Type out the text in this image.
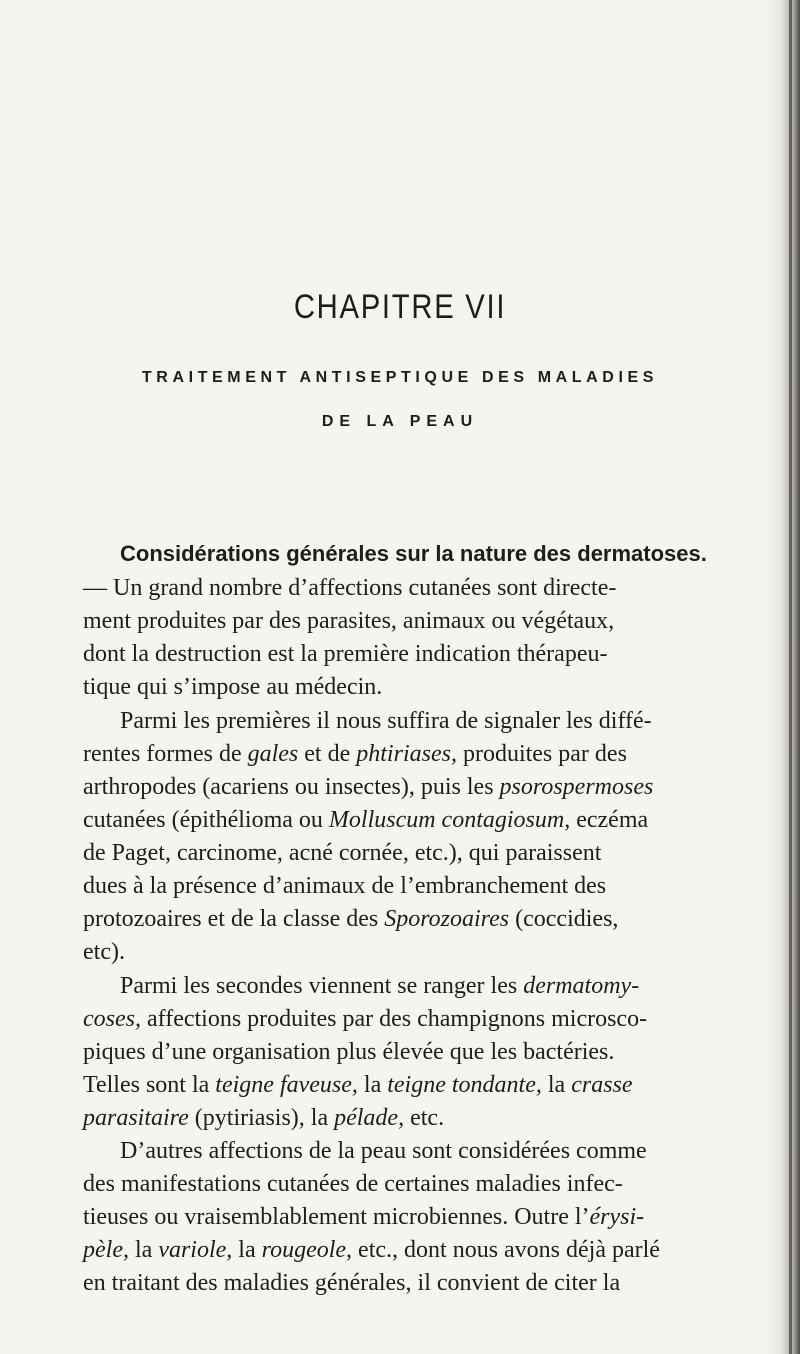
CHAPITRE VII

TRAITEMENT ANTISEPTIQUE DES MALADIES

DE LA PEAU

Considérations générales sur la nature des dermatoses.
— Un grand nombre d’affections cutanées sont directe-
ment produites par des parasites, animaux ou végétaux,
dont la destruction est la première indication thérapeu-
tique qui s’impose au médecin.
Parmi les premières il nous suffira de signaler les diffé-
rentes formes de gales et de phtiriases, produites par des
arthropodes (acariens ou insectes), puis les psorospermoses
cutanées (épithélioma ou Molluscum contagiosum, eczéma
de Paget, carcinome, acné cornée, etc.), qui paraissent
dues à la présence d’animaux de l’embranchement des
protozoaires et de la classe des Sporozoaires (coccidies,
etc).
Parmi les secondes viennent se ranger les dermatomy-
coses, affections produites par des champignons microsco-
piques d’une organisation plus élevée que les bactéries.
Telles sont la teigne faveuse, la teigne tondante, la crasse
parasitaire (pytiriasis), la pélade, etc.
D’autres affections de la peau sont considérées comme
des manifestations cutanées de certaines maladies infec-
tieuses ou vraisemblablement microbiennes. Outre l’érysi-
pèle, la variole, la rougeole, etc., dont nous avons déjà parlé
en traitant des maladies générales, il convient de citer la
